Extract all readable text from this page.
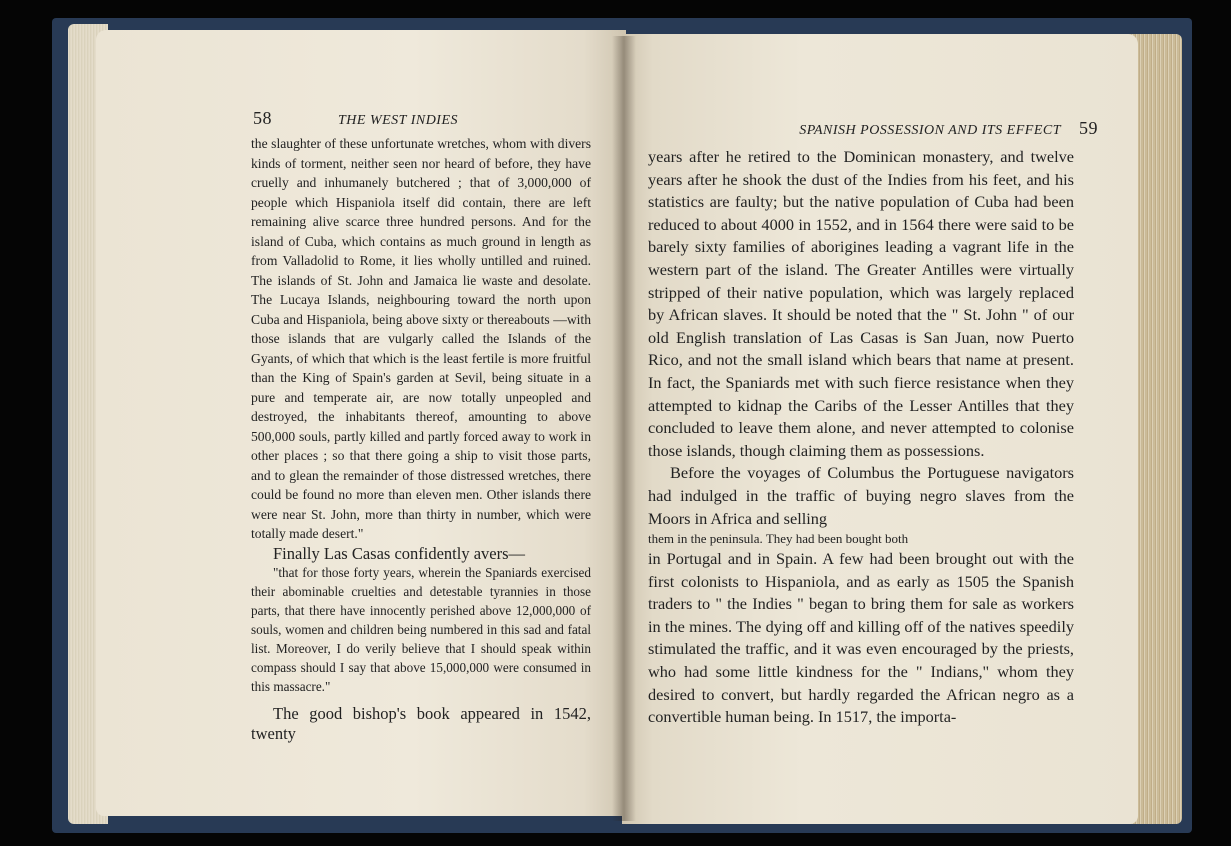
58	THE WEST INDIES

the slaughter of these unfortunate wretches, whom with divers kinds of torment, neither seen nor heard of before, they have cruelly and inhumanely butchered ; that of 3,000,000 of people which Hispaniola itself did contain, there are left remaining alive scarce three hundred persons. And for the island of Cuba, which contains as much ground in length as from Valladolid to Rome, it lies wholly untilled and ruined. The islands of St. John and Jamaica lie waste and desolate. The Lucaya Islands, neighbouring toward the north upon Cuba and Hispaniola, being above sixty or thereabouts —with those islands that are vulgarly called the Islands of the Gyants, of which that which is the least fertile is more fruitful than the King of Spain's garden at Sevil, being situate in a pure and temperate air, are now totally unpeopled and destroyed, the inhabitants thereof, amounting to above 500,000 souls, partly killed and partly forced away to work in other places ; so that there going a ship to visit those parts, and to glean the remainder of those distressed wretches, there could be found no more than eleven men. Other islands there were near St. John, more than thirty in number, which were totally made desert."

Finally Las Casas confidently avers—

"that for those forty years, wherein the Spaniards exercised their abominable cruelties and detestable tyrannies in those parts, that there have innocently perished above 12,000,000 of souls, women and children being numbered in this sad and fatal list. Moreover, I do verily believe that I should speak within compass should I say that above 15,000,000 were consumed in this massacre."

The good bishop's book appeared in 1542, twenty

SPANISH POSSESSION AND ITS EFFECT 59

years after he retired to the Dominican monastery, and twelve years after he shook the dust of the Indies from his feet, and his statistics are faulty; but the native population of Cuba had been reduced to about 4000 in 1552, and in 1564 there were said to be barely sixty families of aborigines leading a vagrant life in the western part of the island. The Greater Antilles were virtually stripped of their native population, which was largely replaced by African slaves. It should be noted that the " St. John " of our old English translation of Las Casas is San Juan, now Puerto Rico, and not the small island which bears that name at present. In fact, the Spaniards met with such fierce resistance when they attempted to kidnap the Caribs of the Lesser Antilles that they concluded to leave them alone, and never attempted to colonise those islands, though claiming them as possessions.

Before the voyages of Columbus the Portuguese navigators had indulged in the traffic of buying negro slaves from the Moors in Africa and selling

them in the peninsula. They had been bought both

in Portugal and in Spain. A few had been brought out with the first colonists to Hispaniola, and as early as 1505 the Spanish traders to " the Indies " began to bring them for sale as workers in the mines. The dying off and killing off of the natives speedily stimulated the traffic, and it was even encouraged by the priests, who had some little kindness for the " Indians," whom they desired to convert, but hardly regarded the African negro as a convertible human being. In 1517, the importa-
